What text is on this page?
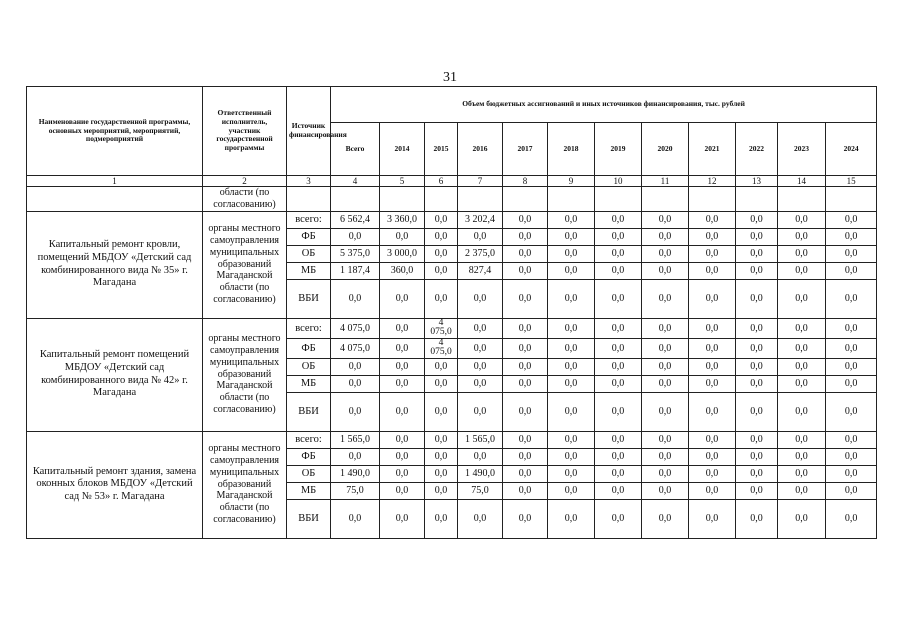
31
Наименование государственной программы, основных мероприятий, мероприятий, подмероприятий	Ответственный исполнитель, участник государственной программы	Источник финансирования	Объем бюджетных ассигнований и иных источников финансирования, тыс. рублей											
			Всего	2014	2015	2016	2017	2018	2019	2020	2021	2022	2023	2024
1	2	3	4	5	6	7	8	9	10	11	12	13	14	15
	области (по согласованию)													
Капитальный ремонт кровли, помещений МБДОУ «Детский сад комбинированного вида № 35» г. Магадана	органы местного самоуправления муниципальных образований Магаданской области (по согласованию)	всего:	6 562,4	3 360,0	0,0	3 202,4	0,0	0,0	0,0	0,0	0,0	0,0	0,0	0,0
		ФБ	0,0	0,0	0,0	0,0	0,0	0,0	0,0	0,0	0,0	0,0	0,0	0,0
		ОБ	5 375,0	3 000,0	0,0	2 375,0	0,0	0,0	0,0	0,0	0,0	0,0	0,0	0,0
		МБ	1 187,4	360,0	0,0	827,4	0,0	0,0	0,0	0,0	0,0	0,0	0,0	0,0
		ВБИ	0,0	0,0	0,0	0,0	0,0	0,0	0,0	0,0	0,0	0,0	0,0	0,0
Капитальный ремонт помещений МБДОУ «Детский сад комбинированного вида № 42» г. Магадана	органы местного самоуправления муниципальных образований Магаданской области (по согласованию)	всего:	4 075,0	0,0	4 075,0	0,0	0,0	0,0	0,0	0,0	0,0	0,0	0,0	0,0
		ФБ	4 075,0	0,0	4 075,0	0,0	0,0	0,0	0,0	0,0	0,0	0,0	0,0	0,0
		ОБ	0,0	0,0	0,0	0,0	0,0	0,0	0,0	0,0	0,0	0,0	0,0	0,0
		МБ	0,0	0,0	0,0	0,0	0,0	0,0	0,0	0,0	0,0	0,0	0,0	0,0
		ВБИ	0,0	0,0	0,0	0,0	0,0	0,0	0,0	0,0	0,0	0,0	0,0	0,0
Капитальный ремонт здания, замена оконных блоков МБДОУ «Детский сад № 53» г. Магадана	органы местного самоуправления муниципальных образований Магаданской области (по согласованию)	всего:	1 565,0	0,0	0,0	1 565,0	0,0	0,0	0,0	0,0	0,0	0,0	0,0	0,0
		ФБ	0,0	0,0	0,0	0,0	0,0	0,0	0,0	0,0	0,0	0,0	0,0	0,0
		ОБ	1 490,0	0,0	0,0	1 490,0	0,0	0,0	0,0	0,0	0,0	0,0	0,0	0,0
		МБ	75,0	0,0	0,0	75,0	0,0	0,0	0,0	0,0	0,0	0,0	0,0	0,0
		ВБИ	0,0	0,0	0,0	0,0	0,0	0,0	0,0	0,0	0,0	0,0	0,0	0,0
